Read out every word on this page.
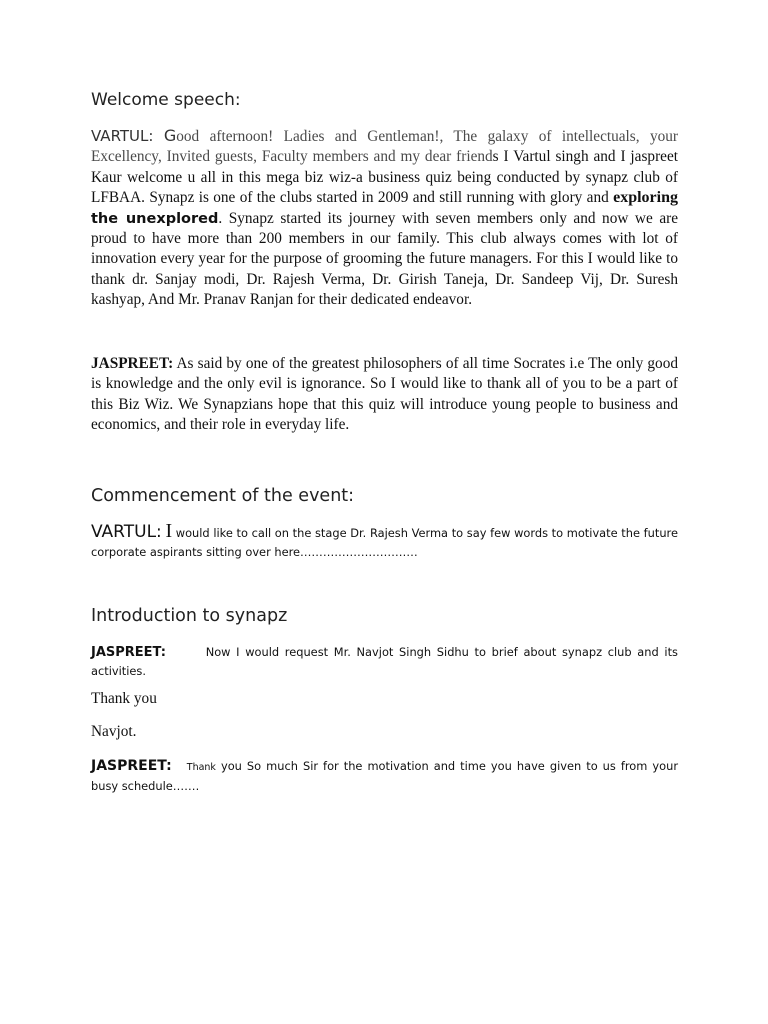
Welcome speech:

VARTUL: Good afternoon! Ladies and Gentleman!, The galaxy of intellectuals, your Excellency, Invited guests, Faculty members and my dear friends I Vartul singh and I jaspreet Kaur welcome u all in this mega biz wiz-a business quiz being conducted by synapz club of LFBAA. Synapz is one of the clubs started in 2009 and still running with glory and exploring the unexplored. Synapz started its journey with seven members only and now we are proud to have more than 200 members in our family. This club always comes with lot of innovation every year for the purpose of grooming the future managers. For this I would like to thank dr. Sanjay modi, Dr. Rajesh Verma, Dr. Girish Taneja, Dr. Sandeep Vij, Dr. Suresh kashyap, And Mr. Pranav Ranjan for their dedicated endeavor.

JASPREET: As said by one of the greatest philosophers of all time Socrates i.e The only good is knowledge and the only evil is ignorance. So I would like to thank all of you to be a part of this Biz Wiz. We Synapzians hope that this quiz will introduce young people to business and economics, and their role in everyday life.

Commencement of the event:

VARTUL: I would like to call on the stage Dr. Rajesh Verma to say few words to motivate the future corporate aspirants sitting over here………………………….

Introduction to synapz

JASPREET:	Now I would request Mr. Navjot Singh Sidhu to brief about synapz club and its activities.

Thank you

Navjot.

JASPREET: Thank you So much Sir for the motivation and time you have given to us from your busy schedule…….
